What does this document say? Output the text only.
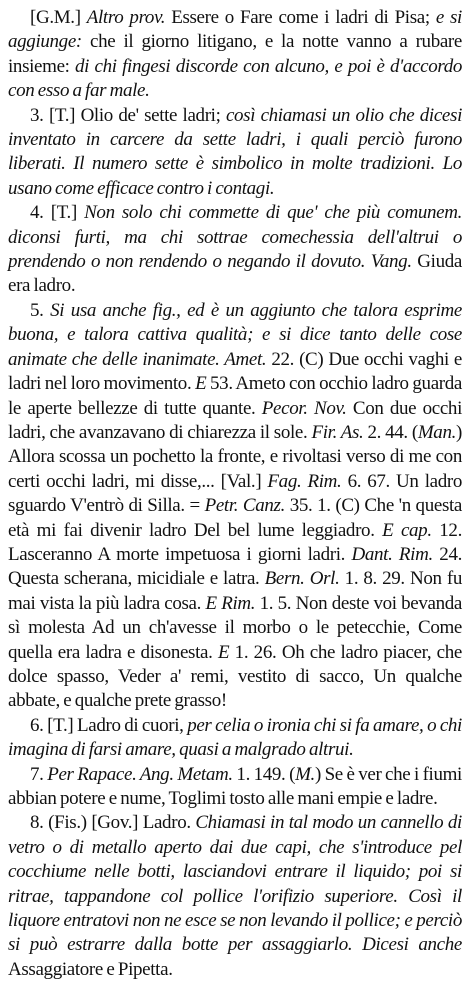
[G.M.] Altro prov. Essere o Fare come i ladri di Pisa; e si aggiunge: che il giorno litigano, e la notte vanno a rubare insieme: di chi fingesi discorde con alcuno, e poi è d'accordo con esso a far male.

3. [T.] Olio de' sette ladri; così chiamasi un olio che dicesi inventato in carcere da sette ladri, i quali perciò furono liberati. Il numero sette è simbolico in molte tradizioni. Lo usano come efficace contro i contagi.

4. [T.] Non solo chi commette di que' che più comunem. diconsi furti, ma chi sottrae comechessia dell'altrui o prendendo o non rendendo o negando il dovuto. Vang. Giuda era ladro.

5. Si usa anche fig., ed è un aggiunto che talora esprime buona, e talora cattiva qualità; e si dice tanto delle cose animate che delle inanimate. Amet. 22. (C) Due occhi vaghi e ladri nel loro movimento. E 53. Ameto con occhio ladro guarda le aperte bellezze di tutte quante. Pecor. Nov. Con due occhi ladri, che avanzavano di chiarezza il sole. Fir. As. 2. 44. (Man.) Allora scossa un pochetto la fronte, e rivoltasi verso di me con certi occhi ladri, mi disse,... [Val.] Fag. Rim. 6. 67. Un ladro sguardo V'entrò di Silla. = Petr. Canz. 35. 1. (C) Che 'n questa età mi fai divenir ladro Del bel lume leggiadro. E cap. 12. Lasceranno A morte impetuosa i giorni ladri. Dant. Rim. 24. Questa scherana, micidiale e latra. Bern. Orl. 1. 8. 29. Non fu mai vista la più ladra cosa. E Rim. 1. 5. Non deste voi bevanda sì molesta Ad un ch'avesse il morbo o le petecchie, Come quella era ladra e disonesta. E 1. 26. Oh che ladro piacer, che dolce spasso, Veder a' remi, vestito di sacco, Un qualche abbate, e qualche prete grasso!

6. [T.] Ladro di cuori, per celia o ironia chi si fa amare, o chi imagina di farsi amare, quasi a malgrado altrui.

7. Per Rapace. Ang. Metam. 1. 149. (M.) Se è ver che i fiumi abbian potere e nume, Toglimi tosto alle mani empie e ladre.

8. (Fis.) [Gov.] Ladro. Chiamasi in tal modo un cannello di vetro o di metallo aperto dai due capi, che s'introduce pel cocchiume nelle botti, lasciandovi entrare il liquido; poi si ritrae, tappandone col pollice l'orifizio superiore. Così il liquore entratovi non ne esce se non levando il pollice; e perciò si può estrarre dalla botte per assaggiarlo. Dicesi anche Assaggiatore e Pipetta.
